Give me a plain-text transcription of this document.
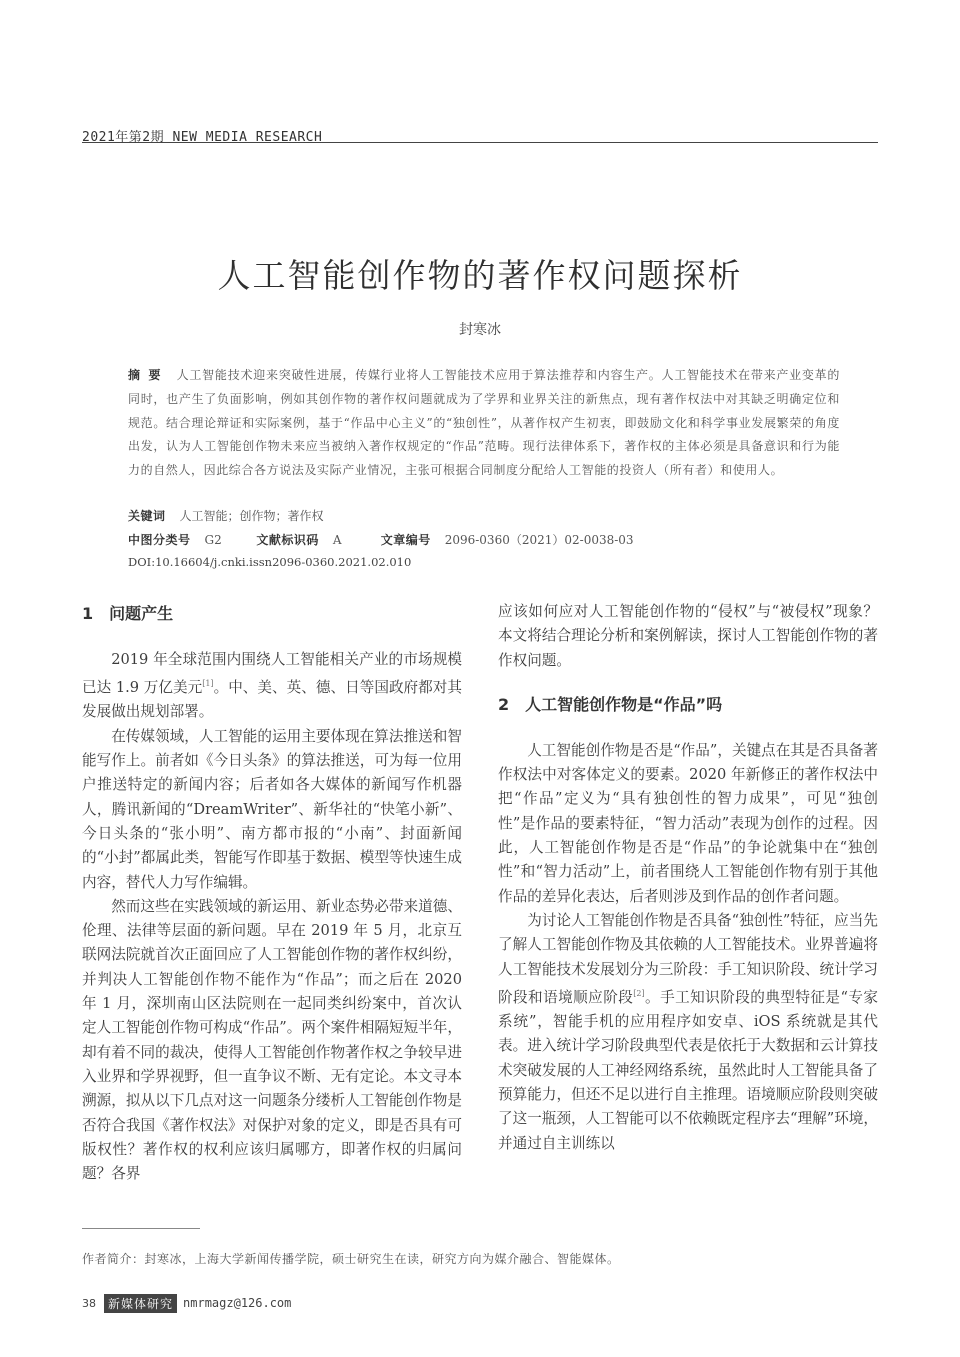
2021年第2期 NEW MEDIA RESEARCH
人工智能创作物的著作权问题探析
封寒冰
摘 要 人工智能技术迎来突破性进展，传媒行业将人工智能技术应用于算法推荐和内容生产。人工智能技术在带来产业变革的同时，也产生了负面影响，例如其创作物的著作权问题就成为了学界和业界关注的新焦点，现有著作权法中对其缺乏明确定位和规范。结合理论辩证和实际案例，基于“作品中心主义”的“独创性”，从著作权产生初衷，即鼓励文化和科学事业发展繁荣的角度出发，认为人工智能创作物未来应当被纳入著作权规定的“作品”范畴。现行法律体系下，著作权的主体必须是具备意识和行为能力的自然人，因此综合各方说法及实际产业情况，主张可根据合同制度分配给人工智能的投资人（所有者）和使用人。
关键词 人工智能；创作物；著作权
中图分类号 G2	文献标识码 A	文章编号 2096-0360（2021）02-0038-03
DOI:10.16604/j.cnki.issn2096-0360.2021.02.010
1 问题产生

2019 年全球范围内围绕人工智能相关产业的市场规模已达 1.9 万亿美元[1]。中、美、英、德、日等国政府都对其发展做出规划部署。

在传媒领域，人工智能的运用主要体现在算法推送和智能写作上。前者如《今日头条》的算法推送，可为每一位用户推送特定的新闻内容；后者如各大媒体的新闻写作机器人，腾讯新闻的“DreamWriter”、新华社的“快笔小新”、今日头条的“张小明”、南方都市报的“小南”、封面新闻的“小封”都属此类，智能写作即基于数据、模型等快速生成内容，替代人力写作编辑。

然而这些在实践领域的新运用、新业态势必带来道德、伦理、法律等层面的新问题。早在 2019 年 5 月，北京互联网法院就首次正面回应了人工智能创作物的著作权纠纷，并判决人工智能创作物不能作为“作品”；而之后在 2020 年 1 月，深圳南山区法院则在一起同类纠纷案中，首次认定人工智能创作物可构成“作品”。两个案件相隔短短半年，却有着不同的裁决，使得人工智能创作物著作权之争较早进入业界和学界视野，但一直争议不断、无有定论。本文寻本溯源，拟从以下几点对这一问题条分缕析人工智能创作物是否符合我国《著作权法》对保护对象的定义，即是否具有可版权性？著作权的权利应该归属哪方，即著作权的归属问题？各界

应该如何应对人工智能创作物的“侵权”与“被侵权”现象？本文将结合理论分析和案例解读，探讨人工智能创作物的著作权问题。

2 人工智能创作物是“作品”吗

人工智能创作物是否是“作品”，关键点在其是否具备著作权法中对客体定义的要素。2020 年新修正的著作权法中把“作品”定义为“具有独创性的智力成果”，可见“独创性”是作品的要素特征，“智力活动”表现为创作的过程。因此，人工智能创作物是否是“作品”的争论就集中在“独创性”和“智力活动”上，前者围绕人工智能创作物有别于其他作品的差异化表达，后者则涉及到作品的创作者问题。

为讨论人工智能创作物是否具备“独创性”特征，应当先了解人工智能创作物及其依赖的人工智能技术。业界普遍将人工智能技术发展划分为三阶段：手工知识阶段、统计学习阶段和语境顺应阶段[2]。手工知识阶段的典型特征是“专家系统”，智能手机的应用程序如安卓、iOS 系统就是其代表。进入统计学习阶段典型代表是依托于大数据和云计算技术突破发展的人工神经网络系统，虽然此时人工智能具备了预算能力，但还不足以进行自主推理。语境顺应阶段则突破了这一瓶颈，人工智能可以不依赖既定程序去“理解”环境，并通过自主训练以

作者简介：封寒冰，上海大学新闻传播学院，硕士研究生在读，研究方向为媒介融合、智能媒体。
38	新媒体研究 nmrmagz@126.com
